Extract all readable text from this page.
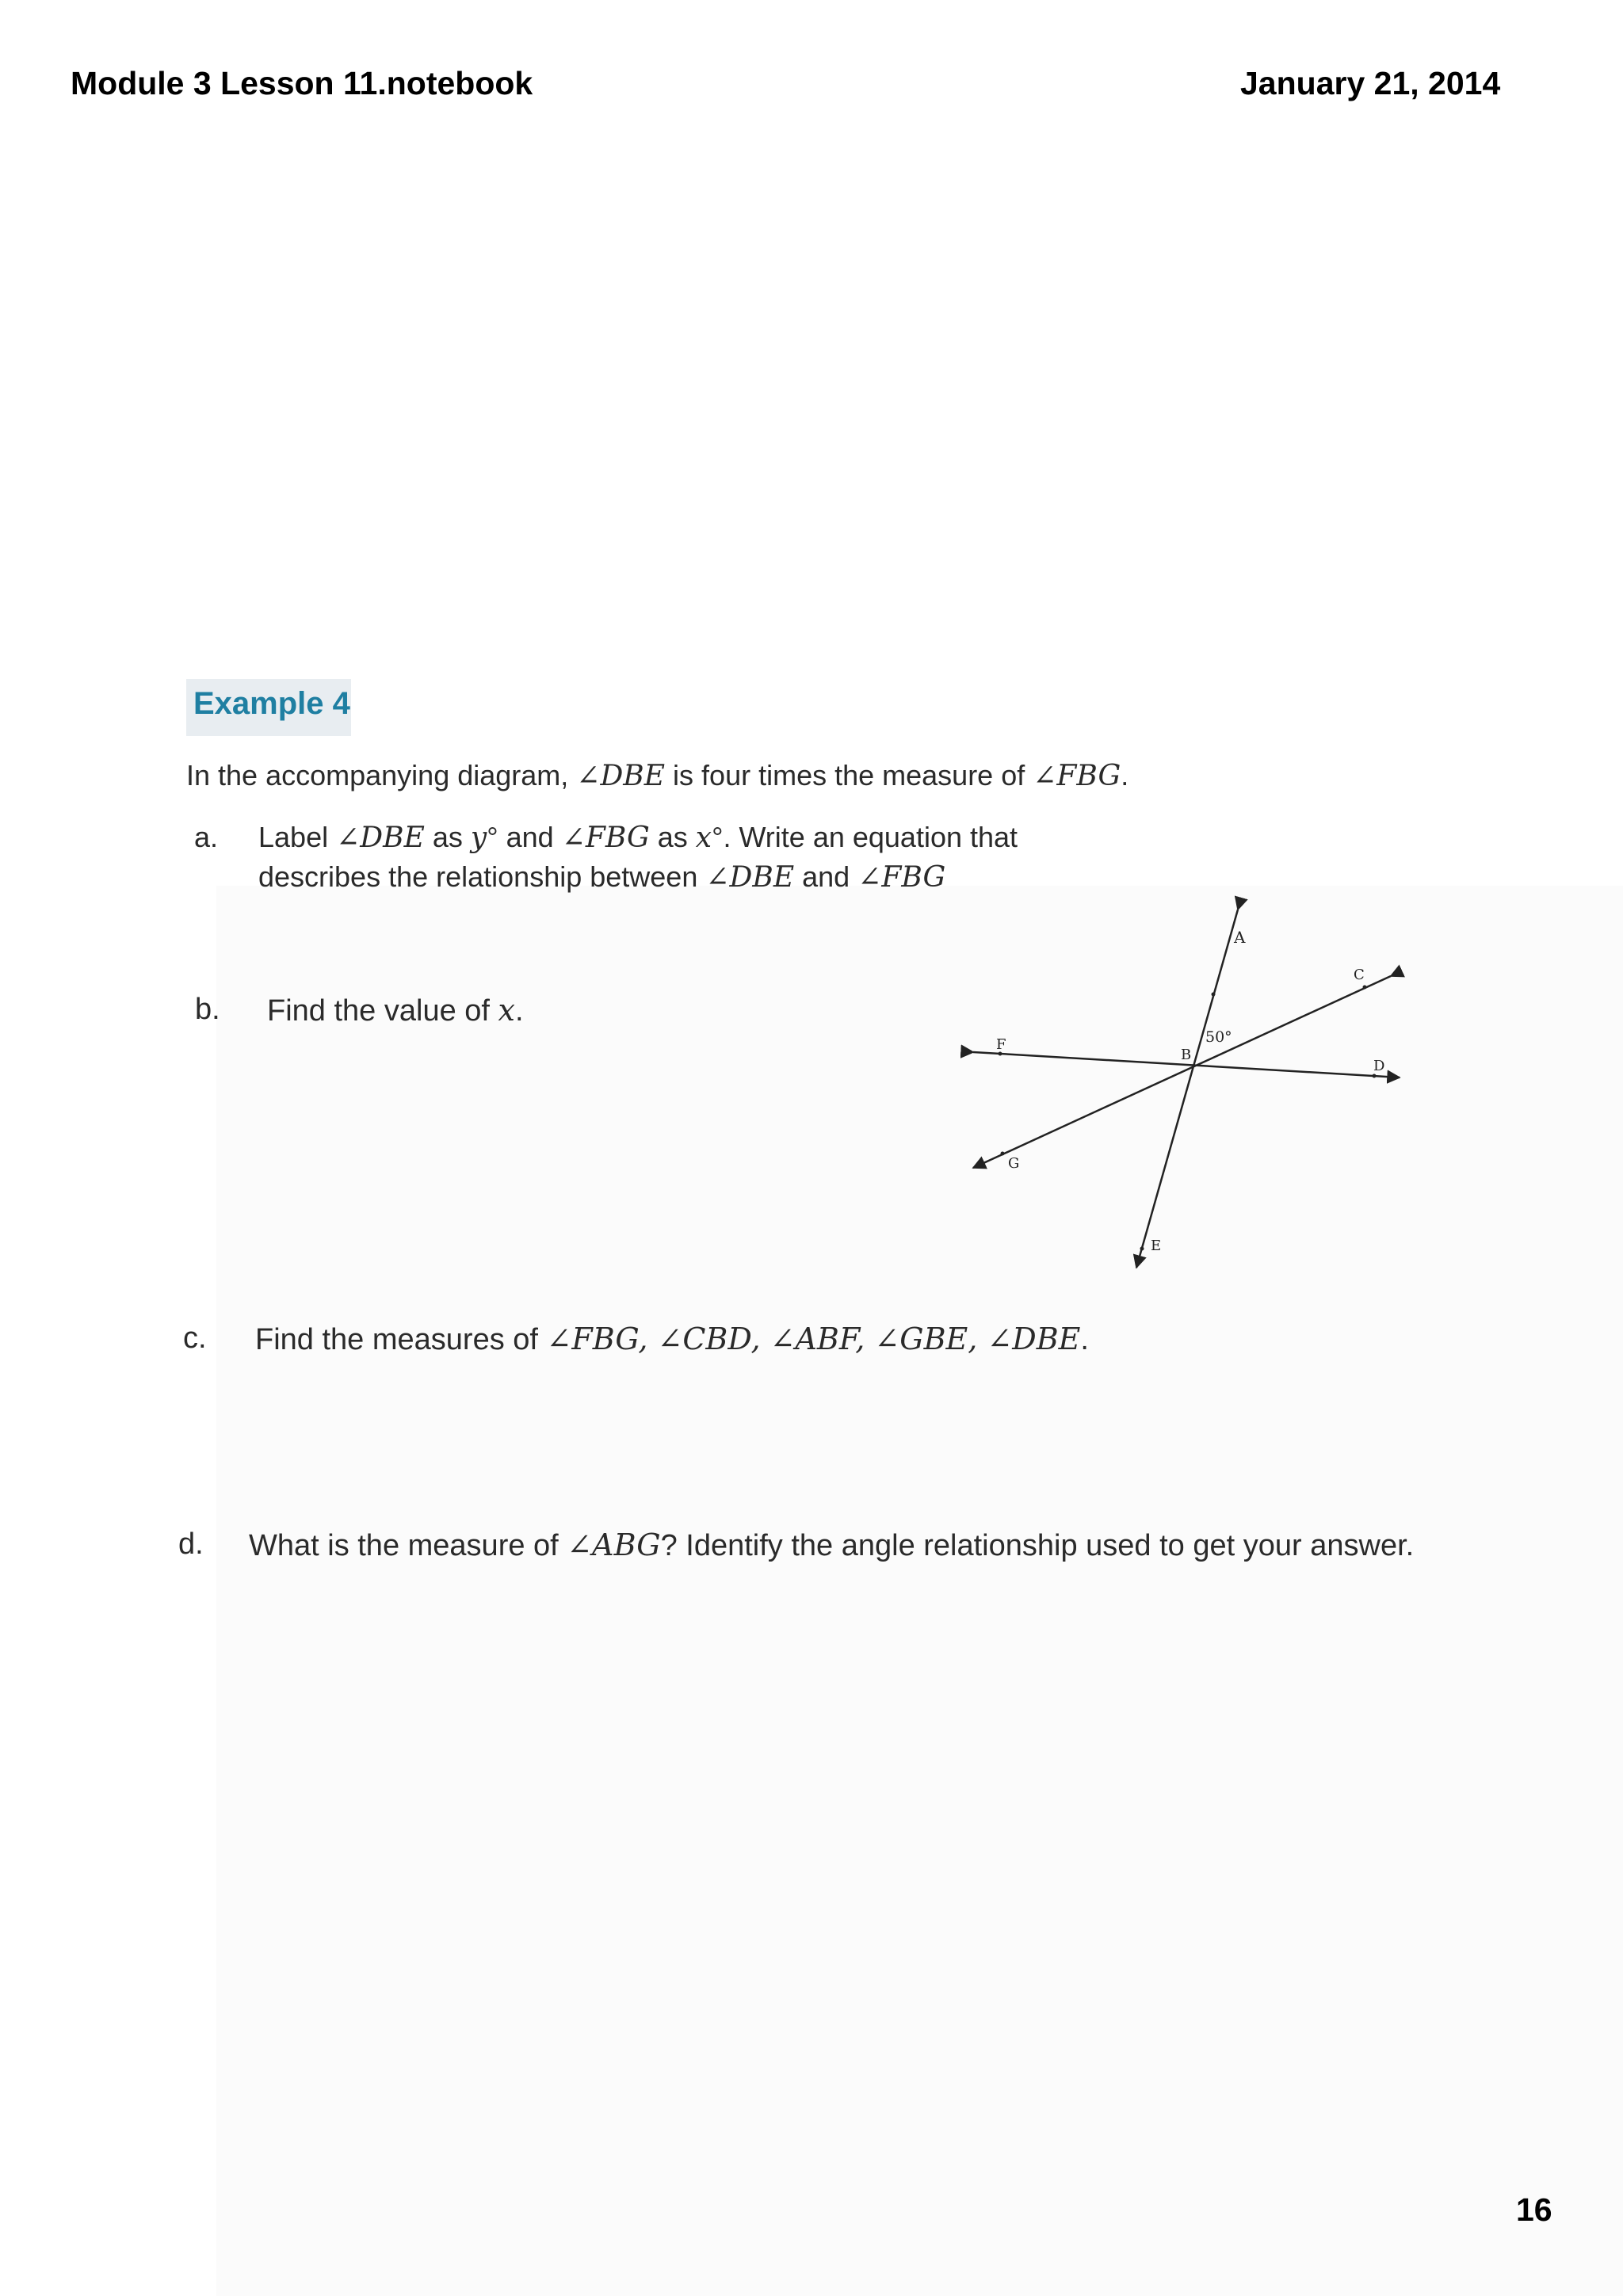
Module 3 Lesson 11.notebook	January 21, 2014
Example 4
In the accompanying diagram, ∠DBE is four times the measure of ∠FBG.
a. Label ∠DBE as y° and ∠FBG as x°. Write an equation that
describes the relationship between ∠DBE and ∠FBG
b. Find the value of x.
c. Find the measures of ∠FBG, ∠CBD, ∠ABF, ∠GBE, ∠DBE.
d. What is the measure of ∠ABG? Identify the angle relationship used to get your answer.
A
B
C
D
E
F
G
50°
16
